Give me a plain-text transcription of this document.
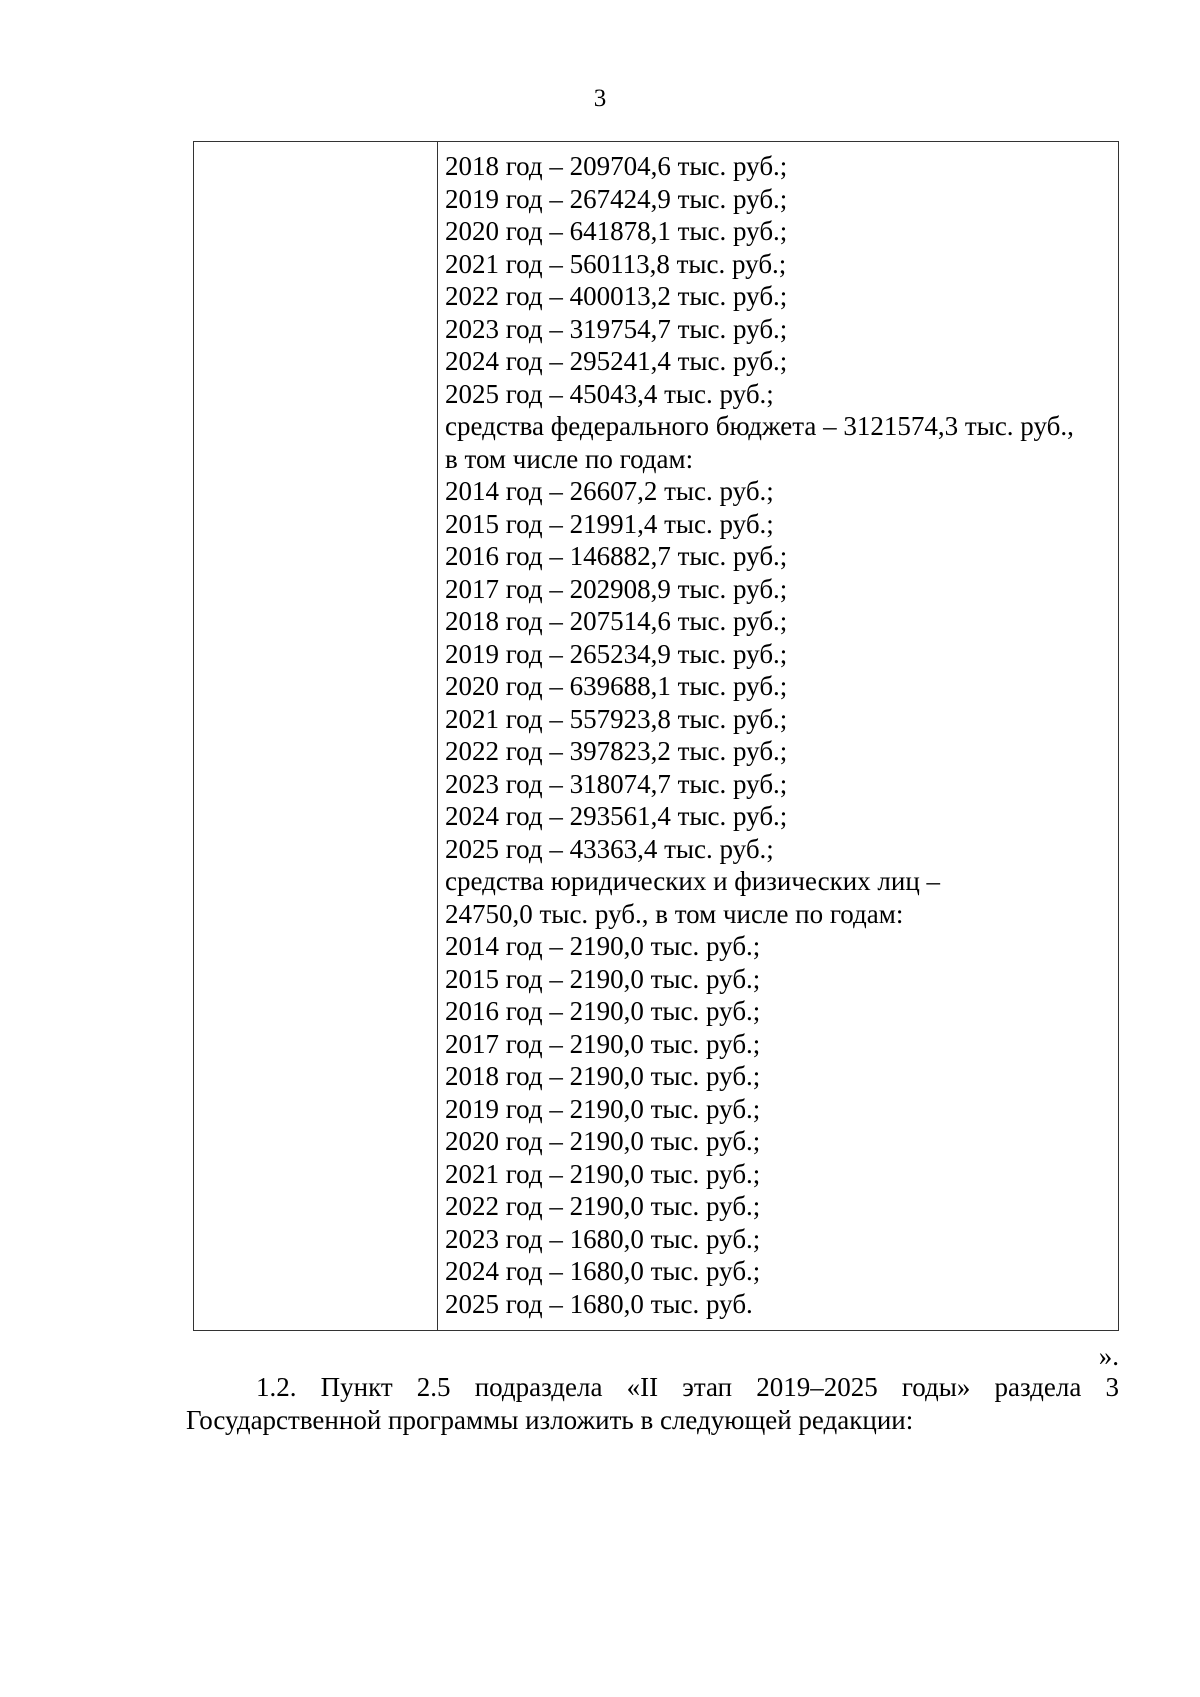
3
2018 год – 209704,6 тыс. руб.;
2019 год – 267424,9 тыс. руб.;
2020 год – 641878,1 тыс. руб.;
2021 год – 560113,8 тыс. руб.;
2022 год – 400013,2 тыс. руб.;
2023 год – 319754,7 тыс. руб.;
2024 год – 295241,4 тыс. руб.;
2025 год – 45043,4 тыс. руб.;
средства федерального бюджета – 3121574,3 тыс. руб.,
в том числе по годам:
2014 год – 26607,2 тыс. руб.;
2015 год – 21991,4 тыс. руб.;
2016 год – 146882,7 тыс. руб.;
2017 год – 202908,9 тыс. руб.;
2018 год – 207514,6 тыс. руб.;
2019 год – 265234,9 тыс. руб.;
2020 год – 639688,1 тыс. руб.;
2021 год – 557923,8 тыс. руб.;
2022 год – 397823,2 тыс. руб.;
2023 год – 318074,7 тыс. руб.;
2024 год – 293561,4 тыс. руб.;
2025 год – 43363,4 тыс. руб.;
средства юридических и физических лиц –
24750,0 тыс. руб., в том числе по годам:
2014 год – 2190,0 тыс. руб.;
2015 год – 2190,0 тыс. руб.;
2016 год – 2190,0 тыс. руб.;
2017 год – 2190,0 тыс. руб.;
2018 год – 2190,0 тыс. руб.;
2019 год – 2190,0 тыс. руб.;
2020 год – 2190,0 тыс. руб.;
2021 год – 2190,0 тыс. руб.;
2022 год – 2190,0 тыс. руб.;
2023 год – 1680,0 тыс. руб.;
2024 год – 1680,0 тыс. руб.;
2025 год – 1680,0 тыс. руб.
».
1.2. Пункт 2.5 подраздела «II этап 2019–2025 годы» раздела 3
Государственной программы изложить в следующей редакции:
